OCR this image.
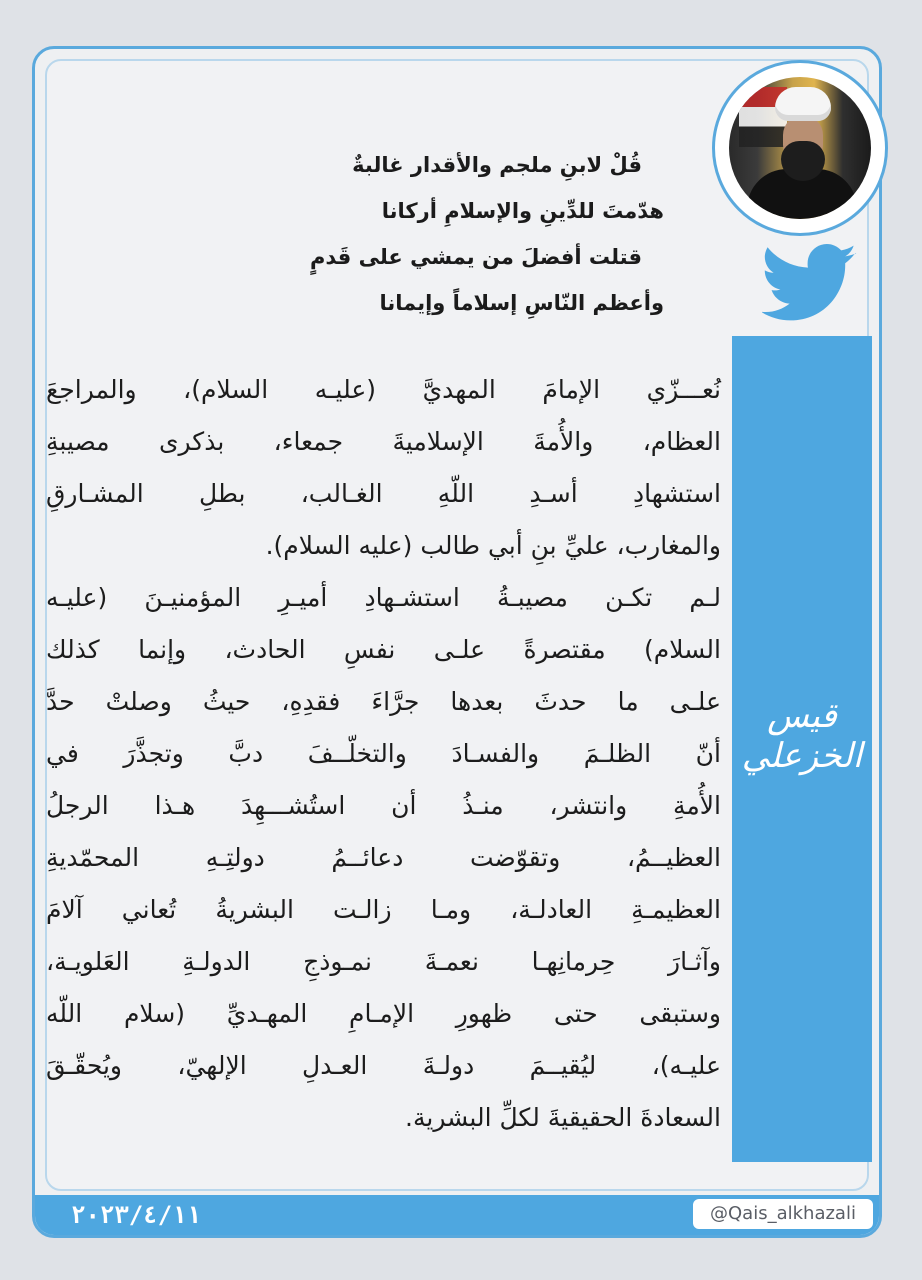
٢٠٢٣/٤/١١	@Qais_alkhazali
قيس الخزعلي
قُلْ لابنِ ملجم والأقدار غالبةٌ
هدّمتَ للدِّينِ والإسلامِ أركانا
قتلت أفضلَ من يمشي على قَدمٍ
وأعظم النّاسِ إسلاماً وإيمانا
نُعـــزّي الإمامَ المهديَّ (عليـه السلام)، والمراجعَ
العظام، والأُمةَ الإسلاميةَ جمعاء، بذكرى مصيبةِ
استشهادِ أسـدِ اللّهِ الغـالب، بطلِ المشـارقِ
والمغارب، عليِّ بنِ أبي طالب (عليه السلام).
لـم تكـن مصيبـةُ استشـهادِ أميـرِ المؤمنيـنَ (عليـه
السلام) مقتصرةً علـى نفسِ الحادث، وإنما كذلك
علـى ما حدثَ بعدها جرَّاءَ فقدِهِ، حيثُ وصلتْ حدَّ
أنّ الظلـمَ والفسـادَ والتخلّــفَ دبَّ وتجذَّرَ في
الأُمةِ وانتشر، منـذُ أن استُشـــهِدَ هـذا الرجلُ
العظيــمُ، وتقوّضت دعائــمُ دولتِـهِ المحمّديةِ
العظيمـةِ العادلـة، ومـا زالـت البشريةُ تُعاني آلامَ
وآثـارَ حِرمانِهـا نعمـةَ نمـوذجِ الدولـةِ العَلويـة،
وستبقى حتى ظهورِ الإمـامِ المهـديِّ (سلام اللّه
عليـه)، ليُقيــمَ دولـةَ العـدلِ الإلهيّ، ويُحقّـقَ
السعادةَ الحقيقيةَ لكلِّ البشرية.
